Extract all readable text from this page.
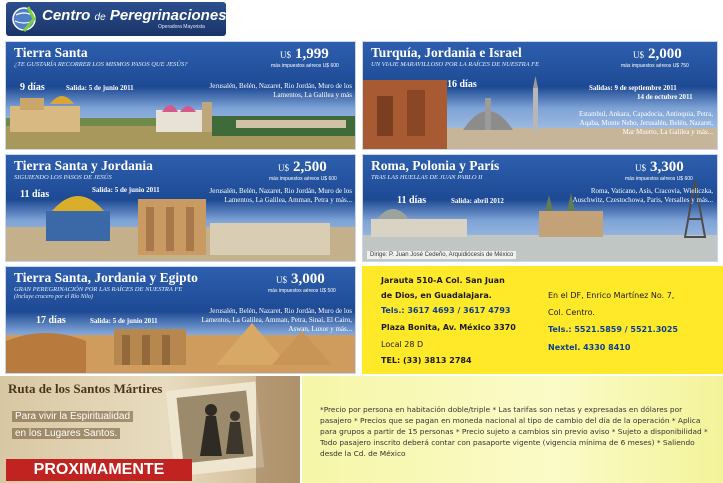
Centro de Peregrinaciones
Operadora Mayorista
Tierra Santa
¿TE GUSTARÍA RECORRER LOS MISMOS PASOS QUE JESÚS?
U$ 1,999
más impuestos aéreos U$ 600
9 días	Salida: 5 de junio 2011	Jerusalén, Belén, Nazaret, Rio Jordán, Muro de los Lamentos, La Galilea y más
Turquía, Jordania e Israel
UN VIAJE MARAVILLOSO POR LA RAÍCES DE NUESTRA FE
U$ 2,000
más impuestos aéreos U$ 750
16 días	Salidas: 9 de septiembre 2011
14 de octubre 2011
Estambul, Ankara, Capadocia, Antioquia, Petra, Aqaba, Monte Nebo, Jerusalén, Belén, Nazaret, Mar Muerto, La Galilea y más...
Tierra Santa y Jordania
SIGUIENDO LOS PASOS DE JESÚS
U$ 2,500
más impuestos aéreos U$ 600
11 días	Salida: 5 de junio 2011	Jerusalén, Belén, Nazaret, Rio Jordán, Muro de los Lamentos, La Galilea, Amman, Petra y más...
Roma, Polonia y París
TRAS LAS HUELLAS DE JUAN PABLO II
U$ 3,300
más impuestos aéreos U$ 600
11 días	Salida: abril 2012
Roma, Vaticano, Asís, Cracovia, Wieliczka, Auschwitz, Czestochowa, Paris, Versalles y más...
Dirige: P. Juan José Cedeño, Arquidiócesis de México
Tierra Santa, Jordania y Egipto
GRAN PEREGRINACIÓN POR LAS RAÍCES DE NUESTRA FE
(Incluye crucero por el Río Nilo)
U$ 3,000
más impuestos aéreos U$ 500
17 días	Salida: 5 de junio 2011
Jerusalén, Belén, Nazaret, Rio Jordán, Muro de los Lamentos, La Galilea, Amman, Petra, Sinaí, El Cairo, Aswan, Luxor y más...
Jarauta 510-A Col. San Juan
de Dios, en Guadalajara.
Tels.: 3617 4693 / 3617 4793
Plaza Bonita, Av. México 3370
Local 28 D
TEL: (33) 3813 2784
En el DF, Enrico Martínez No. 7,
Col. Centro.
Tels.: 5521.5859 / 5521.3025
Nextel. 4330 8410
Ruta de los Santos Mártires
Para vivir la Espiritualidad
en los Lugares Santos.
PROXIMAMENTE
*Precio por persona en habitación doble/triple * Las tarifas son netas y expresadas en dólares por pasajero * Precios que se pagan en moneda nacional al tipo de cambio del día de la operación * Aplica para grupos a partir de 15 personas * Precio sujeto a cambios sin previo aviso * Sujeto a disponibilidad * Todo pasajero inscrito deberá contar con pasaporte vigente (vigencia mínima de 6 meses) * Saliendo desde la Cd. de México
